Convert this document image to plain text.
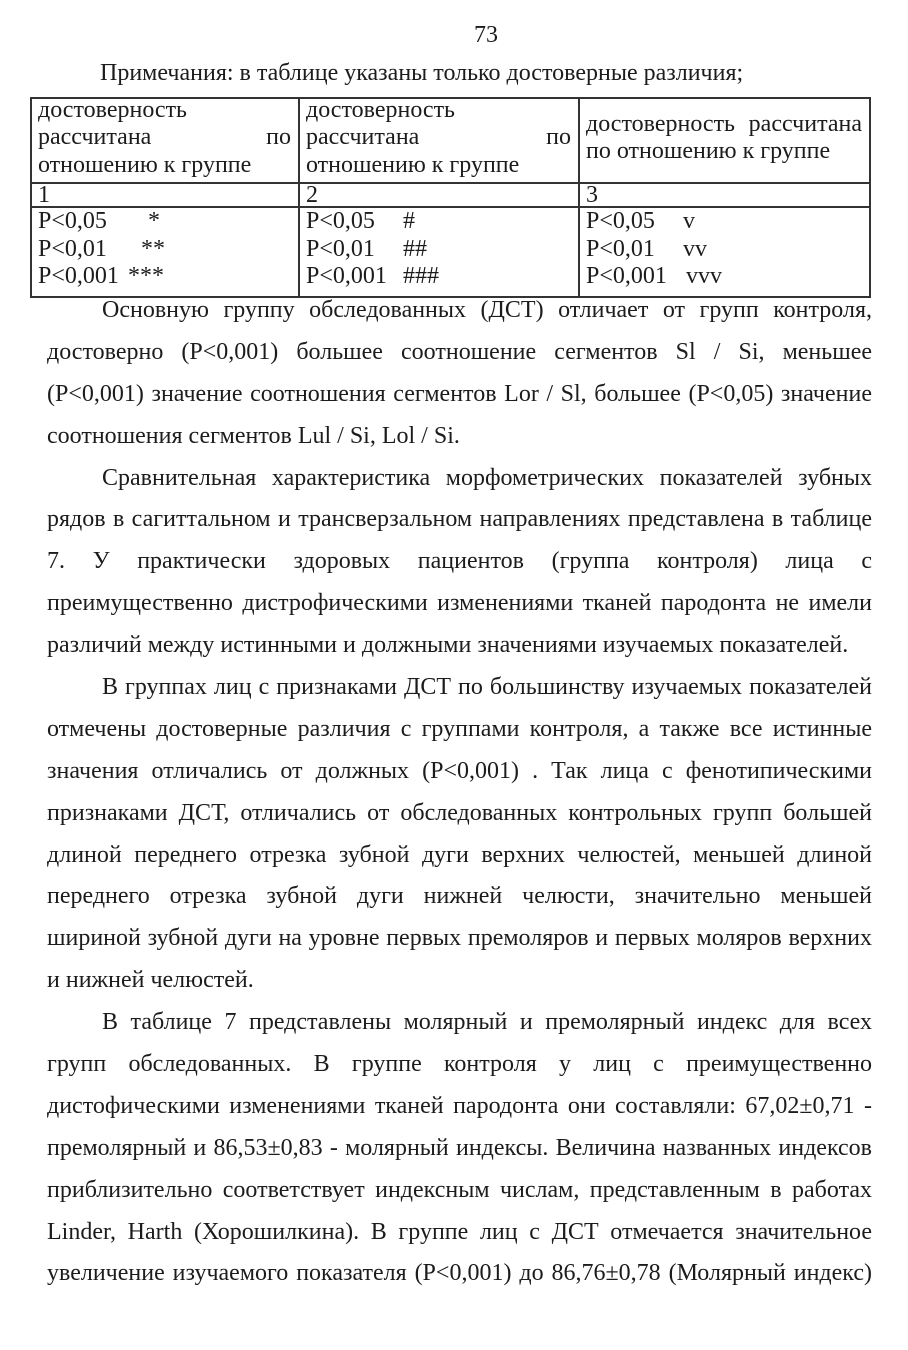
73
Примечания: в таблице указаны только достоверные различия;
достоверность
рассчитана по
отношению к группе
достоверность
рассчитана по
отношению к группе
достоверность рассчитана
по отношению к группе
1	2	3
P<0,05 *
P<0,01 **
P<0,001 ***
P<0,05 #
P<0,01 ##
P<0,001 ###
P<0,05 v
P<0,01 vv
P<0,001 vvv
Основную группу обследованных (ДСТ) отличает от групп контроля,
достоверно (P<0,001) большее соотношение сегментов Sl / Si, меньшее
(P<0,001) значение соотношения сегментов Lor / Sl, большее (P<0,05) значение
соотношения сегментов Lul / Si, Lol / Si.
Сравнительная характеристика морфометрических показателей зубных
рядов в сагиттальном и трансверзальном направлениях представлена в таблице
7. У практически здоровых пациентов (группа контроля) лица с
преимущественно дистрофическими изменениями тканей пародонта не имели
различий между истинными и должными значениями изучаемых показателей.
В группах лиц с признаками ДСТ по большинству изучаемых показателей
отмечены достоверные различия с группами контроля, а также все истинные
значения отличались от должных (P<0,001) . Так лица с фенотипическими
признаками ДСТ, отличались от обследованных контрольных групп большей
длиной переднего отрезка зубной дуги верхних челюстей, меньшей длиной
переднего отрезка зубной дуги нижней челюсти, значительно меньшей
шириной зубной дуги на уровне первых премоляров и первых моляров верхних
и нижней челюстей.
В таблице 7 представлены молярный и премолярный индекс для всех
групп обследованных. В группе контроля у лиц с преимущественно
дистофическими изменениями тканей пародонта они составляли: 67,02±0,71 -
премолярный и 86,53±0,83 - молярный индексы. Величина названных индексов
приблизительно соответствует индексным числам, представленным в работах
Linder, Harth (Хорошилкина). В группе лиц с ДСТ отмечается значительное
увеличение изучаемого показателя (P<0,001) до 86,76±0,78 (Молярный индекс)
